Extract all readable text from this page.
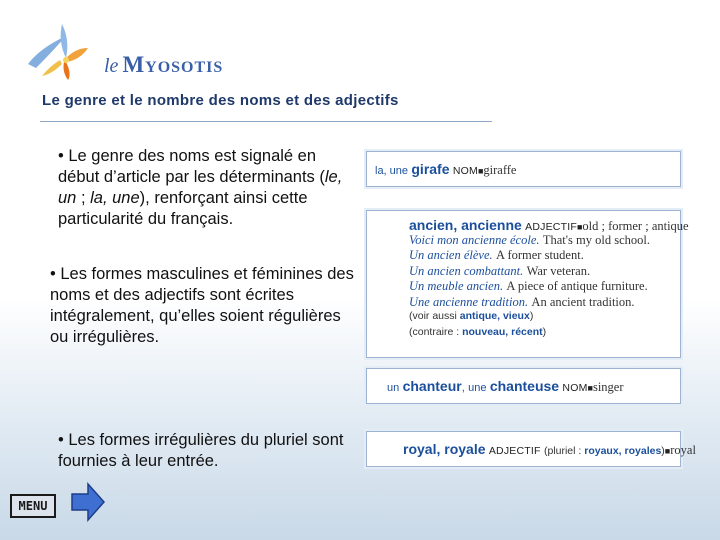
le Myosotis
Le genre et le nombre des noms et des adjectifs
• Le genre des noms est signalé en début d’article par les déterminants (le, un ; la, une), renforçant ainsi cette particularité du français.
• Les formes masculines et féminines des noms et des adjectifs sont écrites intégralement, qu’elles soient régulières ou irrégulières.
• Les formes irrégulières du pluriel sont fournies à leur entrée.
la, une girafe NOM■giraffe
ancien, ancienne ADJECTIF■old ; former ; antique
Voici mon ancienne école. That's my old school.
Un ancien élève. A former student.
Un ancien combattant. War veteran.
Un meuble ancien. A piece of antique furniture.
Une ancienne tradition. An ancient tradition.
(voir aussi antique, vieux)
(contraire : nouveau, récent)
un chanteur, une chanteuse NOM■singer
royal, royale ADJECTIF (pluriel : royaux, royales)■royal
MENU
